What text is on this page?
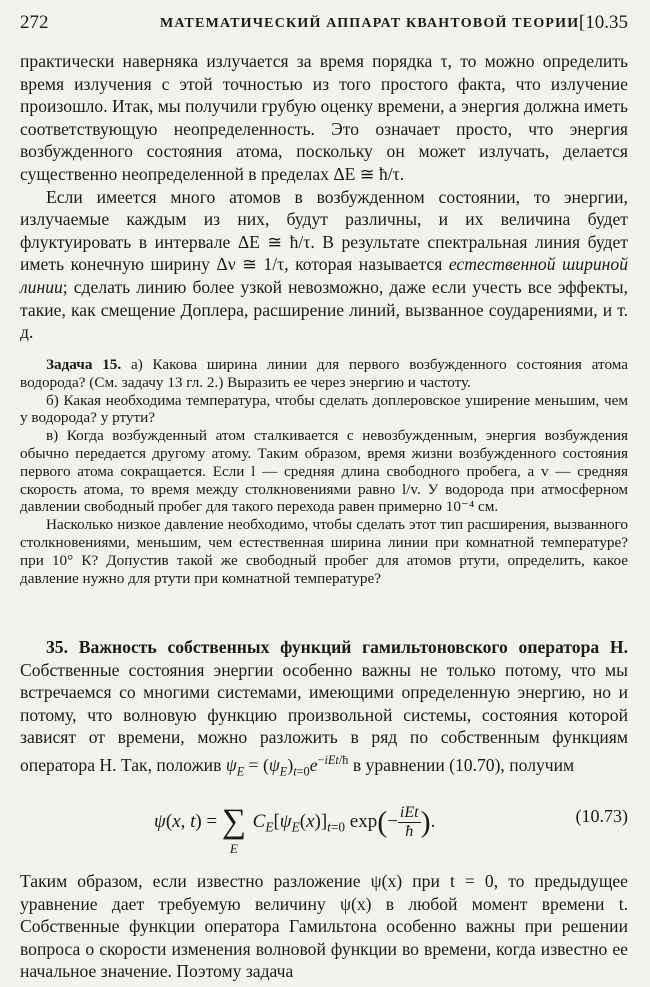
272	МАТЕМАТИЧЕСКИЙ АППАРАТ КВАНТОВОЙ ТЕОРИИ [10.35

практически наверняка излучается за время порядка τ, то можно определить время излучения с этой точностью из того простого факта, что излучение произошло. Итак, мы получили грубую оценку времени, а энергия должна иметь соответствующую неопределенность. Это означает просто, что энергия возбужденного состояния атома, поскольку он может излучать, делается существенно неопределенной в пределах ΔE ≅ ħ/τ.

Если имеется много атомов в возбужденном состоянии, то энергии, излучаемые каждым из них, будут различны, и их величина будет флуктуировать в интервале ΔE ≅ ħ/τ. В результате спектральная линия будет иметь конечную ширину Δν ≅ 1/τ, которая называется естественной шириной линии; сделать линию более узкой невозможно, даже если учесть все эффекты, такие, как смещение Доплера, расширение линий, вызванное соударениями, и т. д.

Задача 15. а) Какова ширина линии для первого возбужденного состояния атома водорода? (См. задачу 13 гл. 2.) Выразить ее через энергию и частоту.

б) Какая необходима температура, чтобы сделать доплеровское уширение меньшим, чем у водорода? у ртути?

в) Когда возбужденный атом сталкивается с невозбужденным, энергия возбуждения обычно передается другому атому. Таким образом, время жизни возбужденного состояния первого атома сокращается. Если l — средняя длина свободного пробега, а v — средняя скорость атома, то время между столкновениями равно l/v. У водорода при атмосферном давлении свободный пробег для такого перехода равен примерно 10⁻⁴ см.

Насколько низкое давление необходимо, чтобы сделать этот тип расширения, вызванного столкновениями, меньшим, чем естественная ширина линии при комнатной температуре? при 10° К? Допустив такой же свободный пробег для атомов ртути, определить, какое давление нужно для ртути при комнатной температуре?

35. Важность собственных функций гамильтоновского оператора H. Собственные состояния энергии особенно важны не только потому, что мы встречаемся со многими системами, имеющими определенную энергию, но и потому, что волновую функцию произвольной системы, состояния которой зависят от времени, можно разложить в ряд по собственным функциям оператора H. Так, положив $\psi_E = (\psi_E)_{t=0}e^{-iEt/ħ}$ в уравнении (10.70), получим

ψ(x, t) = ∑
E
$C_E[\psi_E(x)]_{t=0}$ $\exp(- \frac{\text{iEt}}{ħ}$ ).	(10.73)

Таким образом, если известно разложение ψ(x) при t = 0, то предыдущее уравнение дает требуемую величину ψ(x) в любой момент времени t. Собственные функции оператора Гамильтона особенно важны при решении вопроса о скорости изменения волновой функции во времени, когда известно ее начальное значение. Поэтому задача
